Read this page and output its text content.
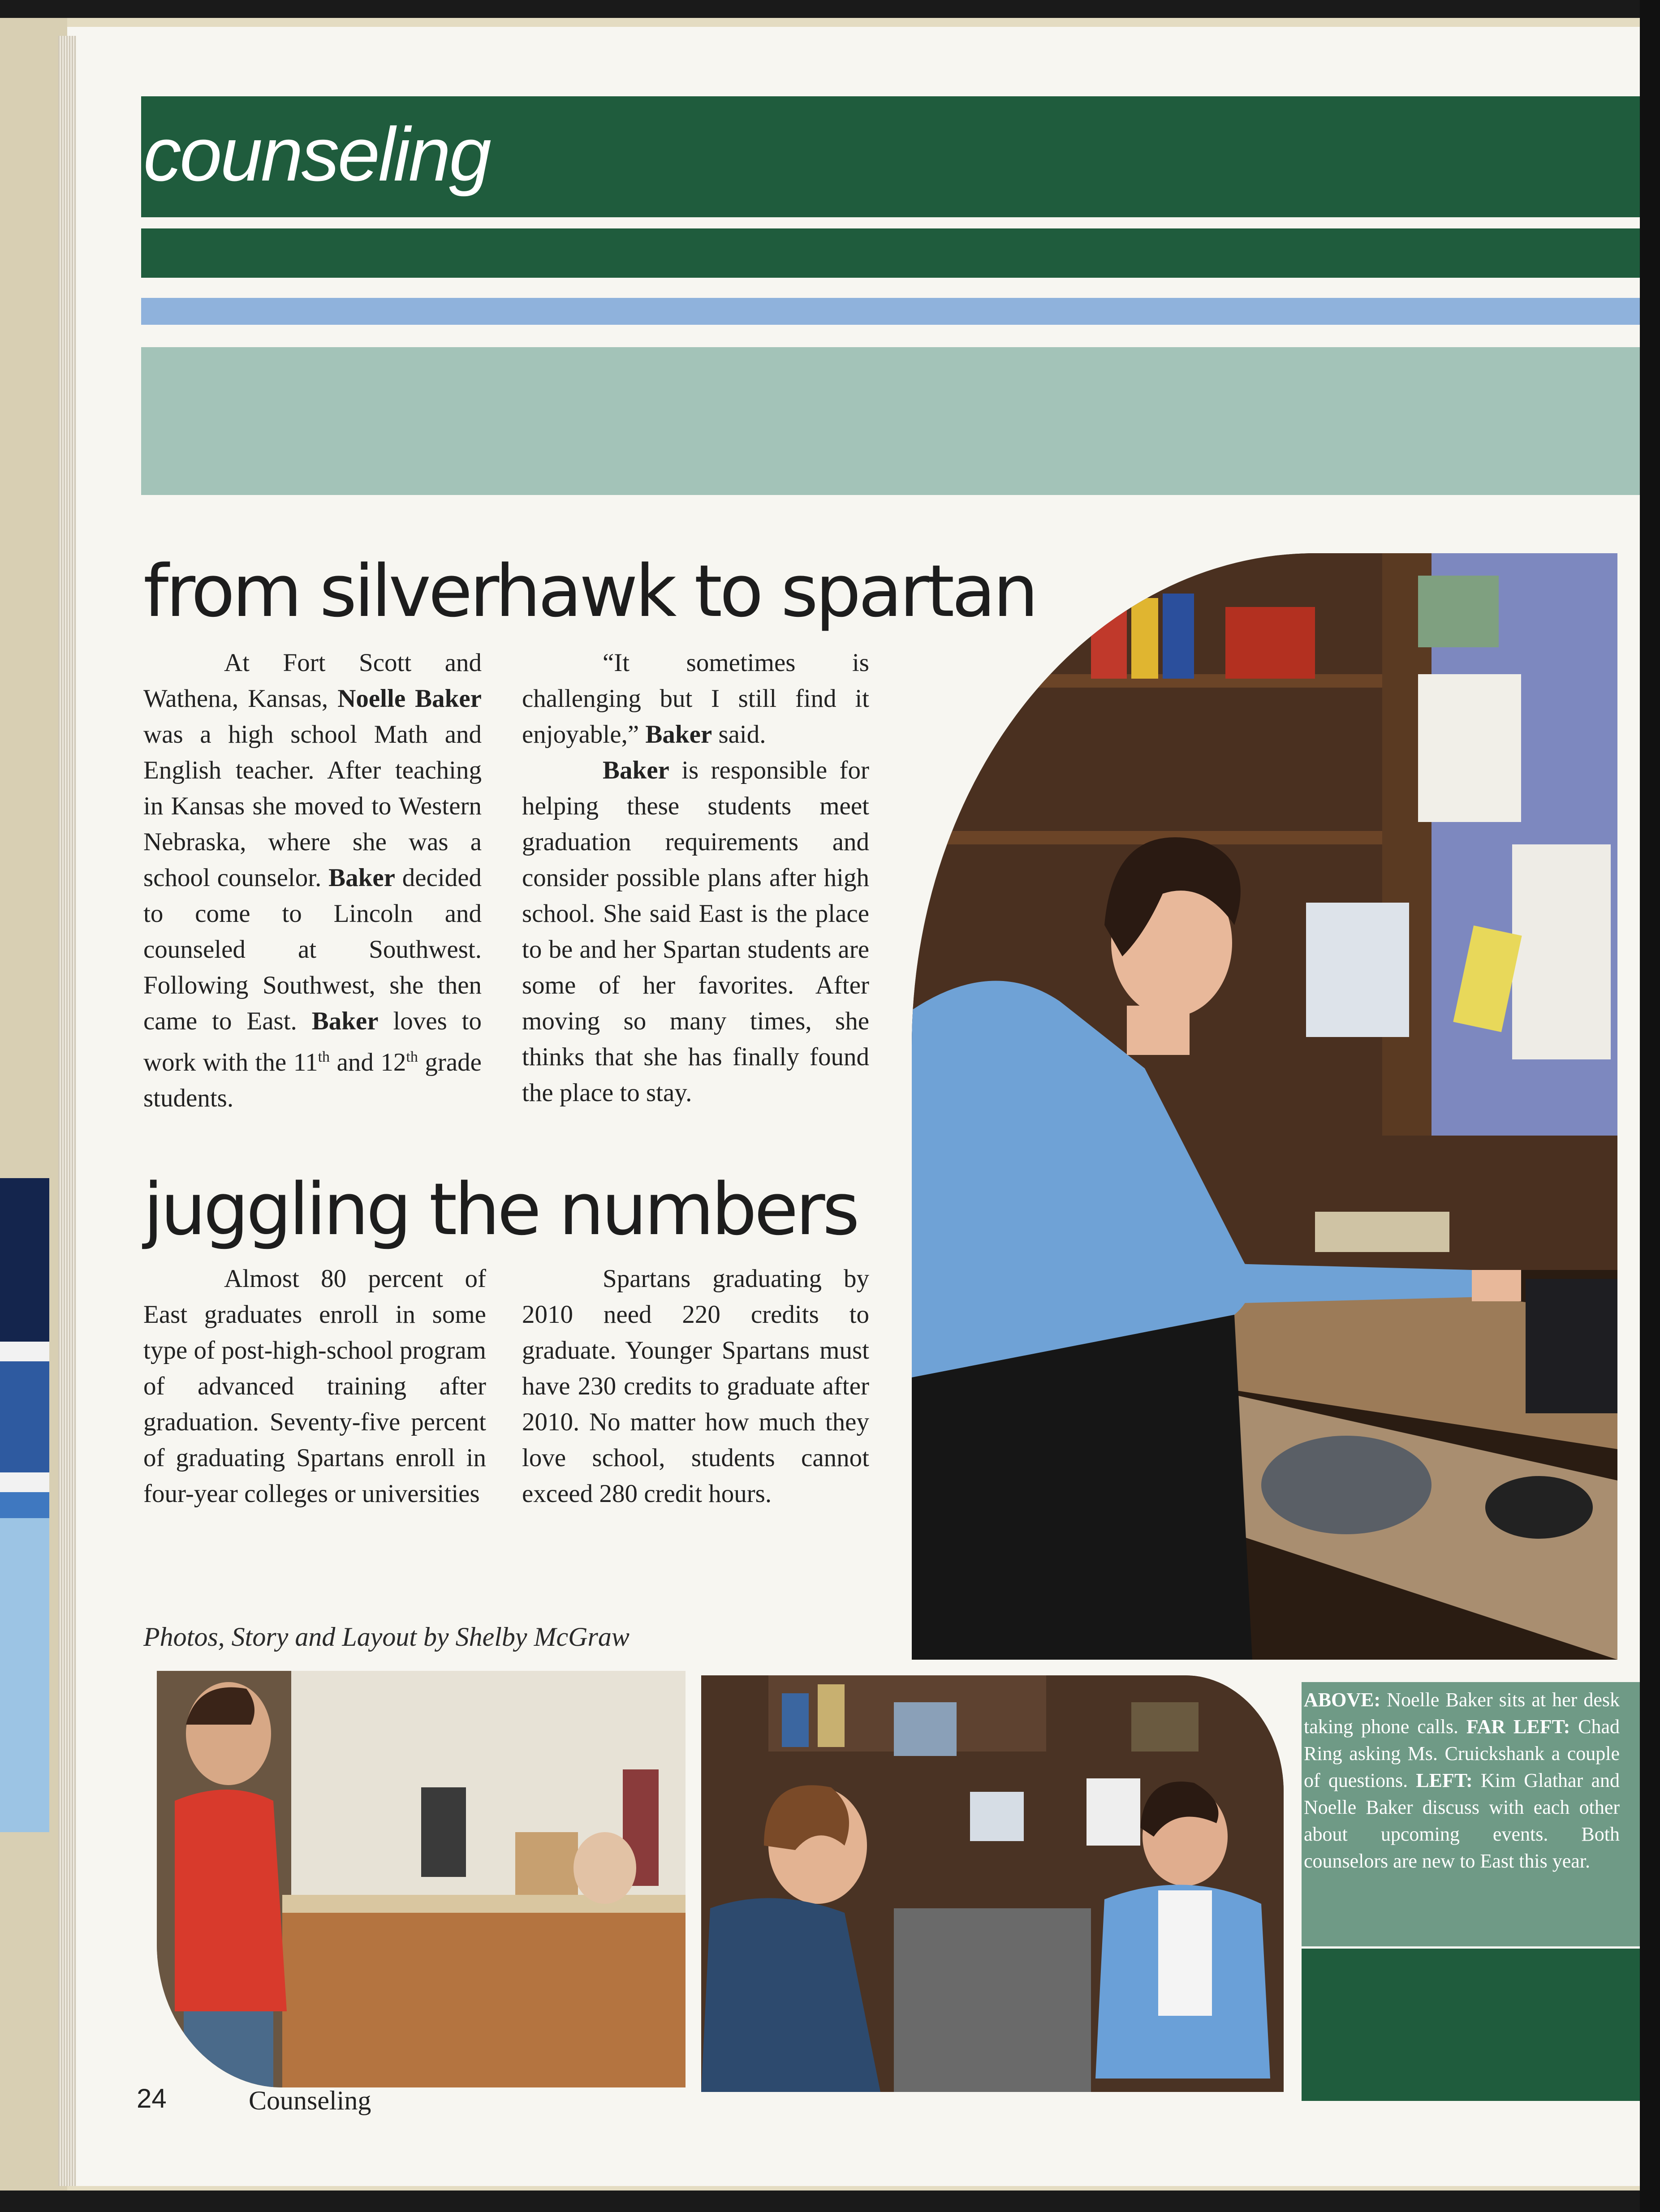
counseling
from silverhawk to spartan

At Fort Scott and Wathena, Kansas, Noelle Baker was a high school Math and English teacher. After teaching in Kansas she moved to Western Nebraska, where she was a school counselor. Baker decided to come to Lincoln and counseled at Southwest. Following Southwest, she then came to East. Baker loves to work with the 11th and 12th grade students.

“It sometimes is challenging but I still find it enjoyable,” Baker said.

Baker is responsible for helping these students meet graduation requirements and consider possible plans after high school. She said East is the place to be and her Spartan students are some of her favorites. After moving so many times, she thinks that she has finally found the place to stay.

juggling the numbers

Almost 80 percent of East graduates enroll in some type of post-high-school program of advanced training after graduation. Seventy-five percent of graduating Spartans enroll in four-year colleges or universities

Spartans graduating by 2010 need 220 credits to graduate. Younger Spartans must have 230 credits to graduate after 2010. No matter how much they love school, students cannot exceed 280 credit hours.

Photos, Story and Layout by Shelby McGraw
ABOVE: Noelle Baker sits at her desk taking phone calls. FAR LEFT: Chad Ring asking Ms. Cruickshank a couple of questions. LEFT: Kim Glathar and Noelle Baker discuss with each other about upcoming events. Both counselors are new to East this year.
24	Counseling
